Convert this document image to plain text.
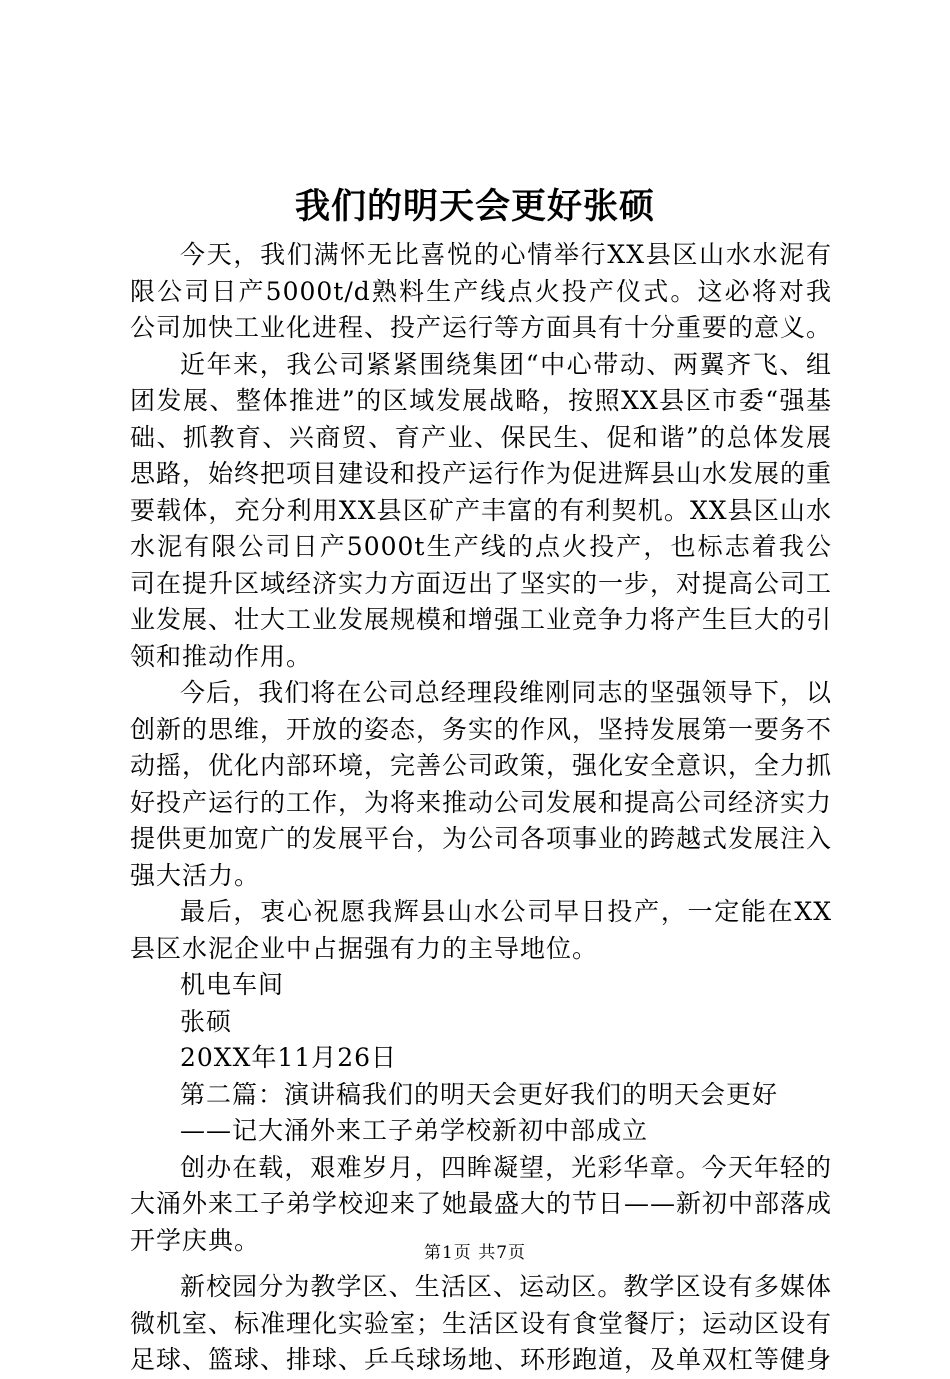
我们的明天会更好张硕

今天，我们满怀无比喜悦的心情举行XX县区山水水泥有限公司日产5000t/d熟料生产线点火投产仪式。这必将对我公司加快工业化进程、投产运行等方面具有十分重要的意义。

近年来，我公司紧紧围绕集团“中心带动、两翼齐飞、组团发展、整体推进”的区域发展战略，按照XX县区市委“强基础、抓教育、兴商贸、育产业、保民生、促和谐”的总体发展思路，始终把项目建设和投产运行作为促进辉县山水发展的重要载体，充分利用XX县区矿产丰富的有利契机。XX县区山水水泥有限公司日产5000t生产线的点火投产，也标志着我公司在提升区域经济实力方面迈出了坚实的一步，对提高公司工业发展、壮大工业发展规模和增强工业竞争力将产生巨大的引领和推动作用。

今后，我们将在公司总经理段维刚同志的坚强领导下，以创新的思维，开放的姿态，务实的作风，坚持发展第一要务不动摇，优化内部环境，完善公司政策，强化安全意识，全力抓好投产运行的工作，为将来推动公司发展和提高公司经济实力提供更加宽广的发展平台，为公司各项事业的跨越式发展注入强大活力。

最后，衷心祝愿我辉县山水公司早日投产，一定能在XX县区水泥企业中占据强有力的主导地位。

机电车间

张硕

20XX年11月26日

第二篇：演讲稿我们的明天会更好我们的明天会更好

——记大涌外来工子弟学校新初中部成立

创办在载，艰难岁月，四眸凝望，光彩华章。今天年轻的大涌外来工子弟学校迎来了她最盛大的节日——新初中部落成开学庆典。

新校园分为教学区、生活区、运动区。教学区设有多媒体微机室、标准理化实验室；生活区设有食堂餐厅；运动区设有足球、篮球、排球、乒乓球场地、环形跑道，及单双杠等健身

第1页 共7页
